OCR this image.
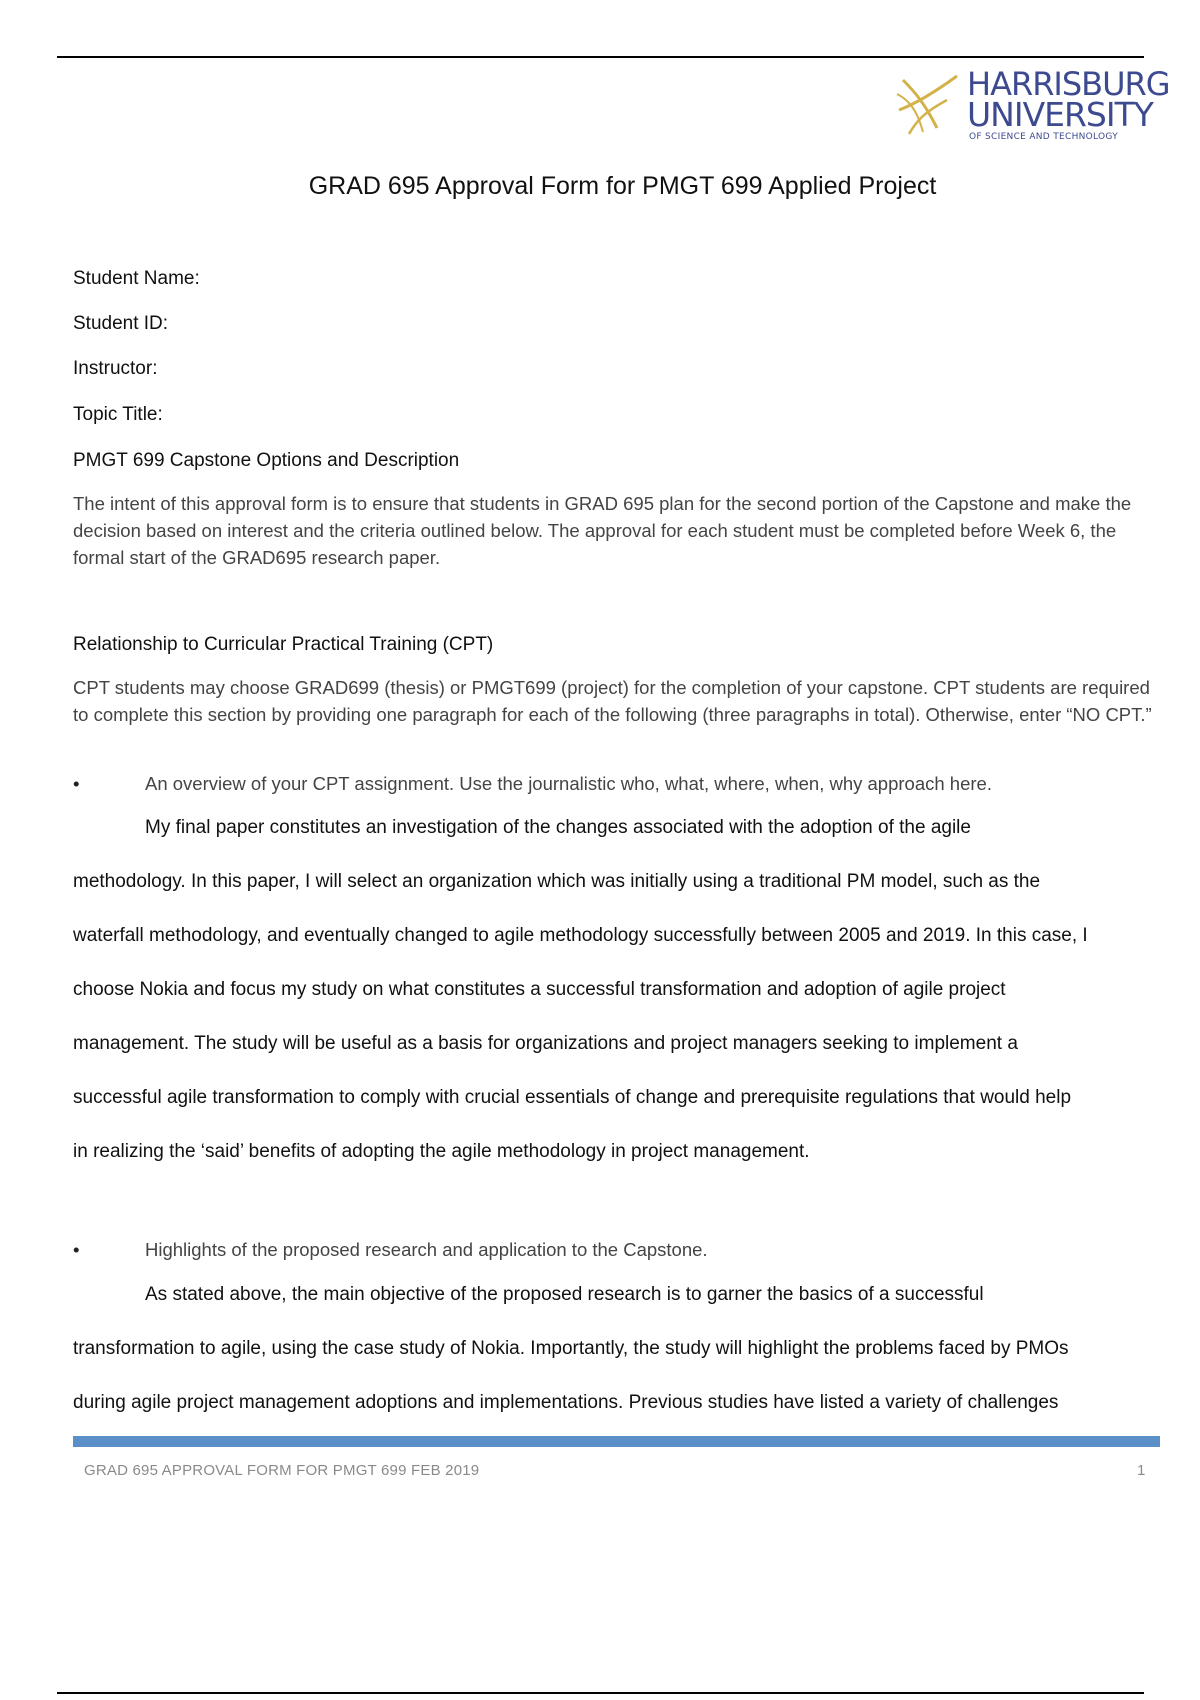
HARRISBURG
UNIVERSITY
OF SCIENCE AND TECHNOLOGY
GRAD 695 Approval Form for PMGT 699 Applied Project
Student Name:
Student ID:
Instructor:
Topic Title:
PMGT 699 Capstone Options and Description
The intent of this approval form is to ensure that students in GRAD 695 plan for the second portion of the Capstone and make the decision based on interest and the criteria outlined below. The approval for each student must be completed before Week 6, the formal start of the GRAD695 research paper.
Relationship to Curricular Practical Training (CPT)
CPT students may choose GRAD699 (thesis) or PMGT699 (project) for the completion of your capstone. CPT students are required to complete this section by providing one paragraph for each of the following (three paragraphs in total). Otherwise, enter “NO CPT.”
•	An overview of your CPT assignment. Use the journalistic who, what, where, when, why approach here.
My final paper constitutes an investigation of the changes associated with the adoption of the agile
methodology. In this paper, I will select an organization which was initially using a traditional PM model, such as the
waterfall methodology, and eventually changed to agile methodology successfully between 2005 and 2019. In this case, I
choose Nokia and focus my study on what constitutes a successful transformation and adoption of agile project
management. The study will be useful as a basis for organizations and project managers seeking to implement a
successful agile transformation to comply with crucial essentials of change and prerequisite regulations that would help
in realizing the ‘said’ benefits of adopting the agile methodology in project management.
•	Highlights of the proposed research and application to the Capstone.
As stated above, the main objective of the proposed research is to garner the basics of a successful
transformation to agile, using the case study of Nokia. Importantly, the study will highlight the problems faced by PMOs
during agile project management adoptions and implementations. Previous studies have listed a variety of challenges
GRAD 695 APPROVAL FORM FOR PMGT 699 FEB 2019	1
